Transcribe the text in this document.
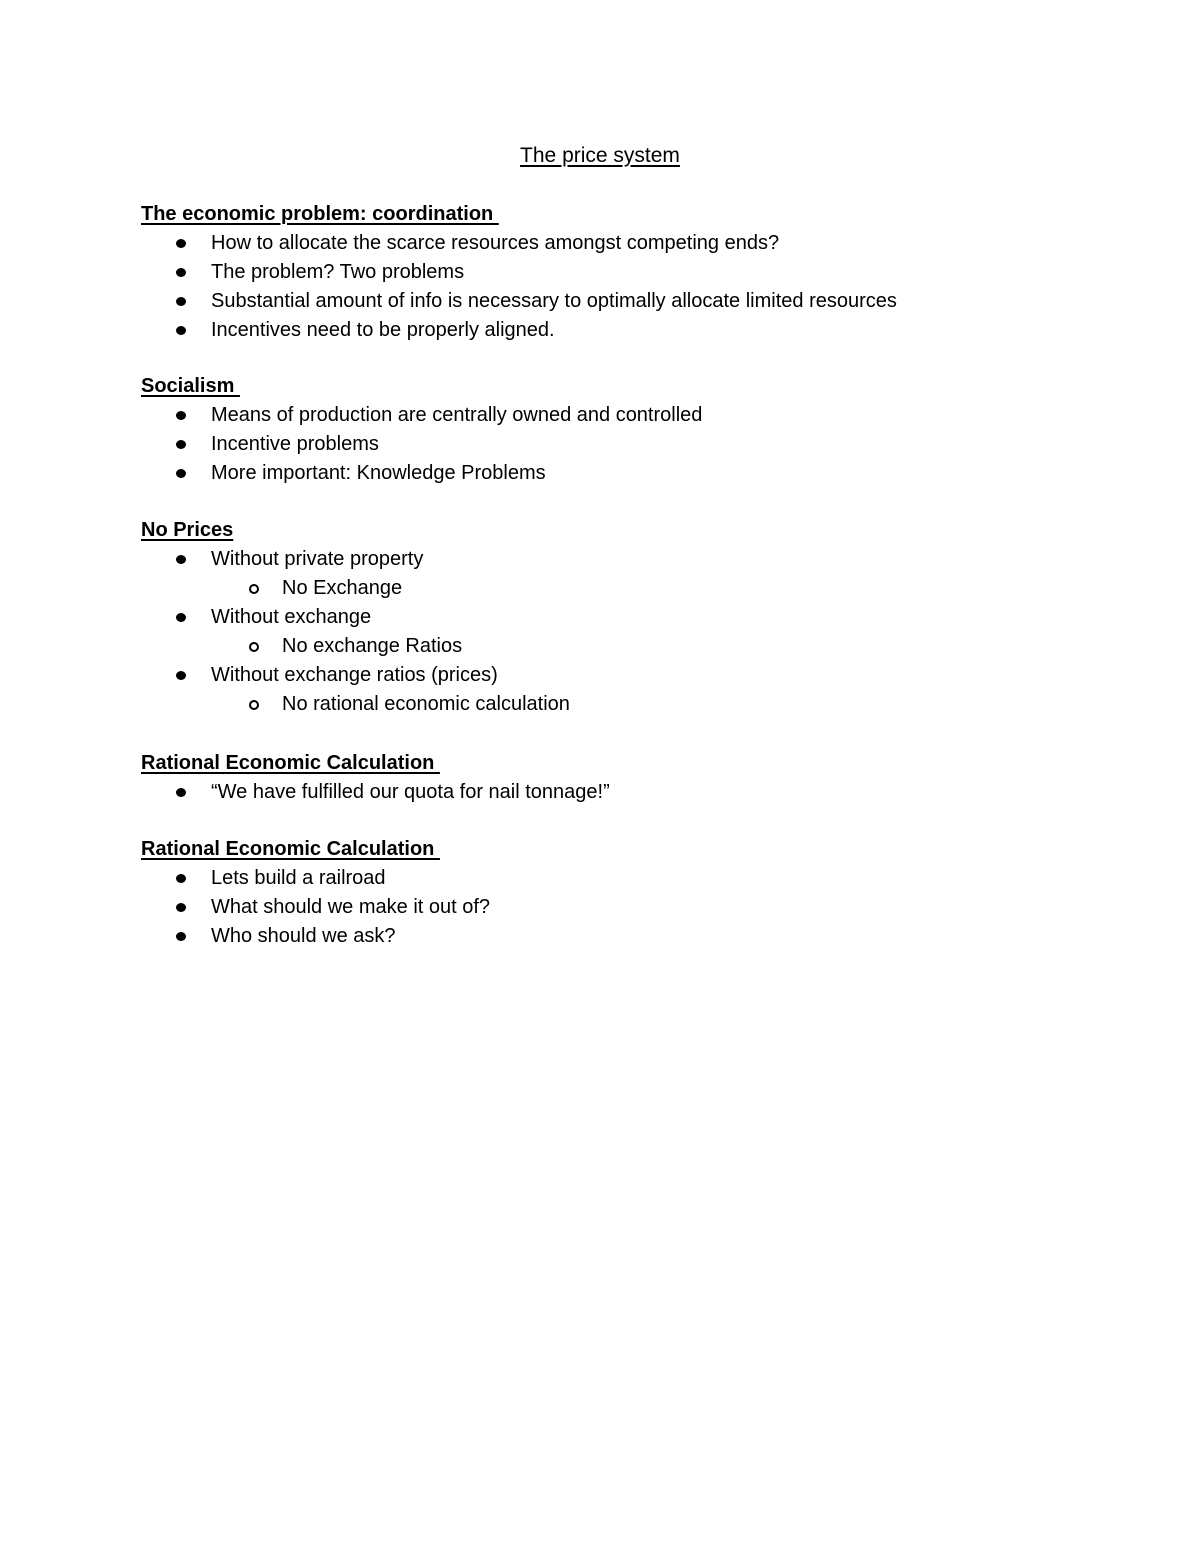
The price system
The economic problem: coordination
How to allocate the scarce resources amongst competing ends?
The problem? Two problems
Substantial amount of info is necessary to optimally allocate limited resources
Incentives need to be properly aligned.
Socialism
Means of production are centrally owned and controlled
Incentive problems
More important: Knowledge Problems
No Prices
Without private property
No Exchange
Without exchange
No exchange Ratios
Without exchange ratios (prices)
No rational economic calculation
Rational Economic Calculation
“We have fulfilled our quota for nail tonnage!”
Rational Economic Calculation
Lets build a railroad
What should we make it out of?
Who should we ask?
